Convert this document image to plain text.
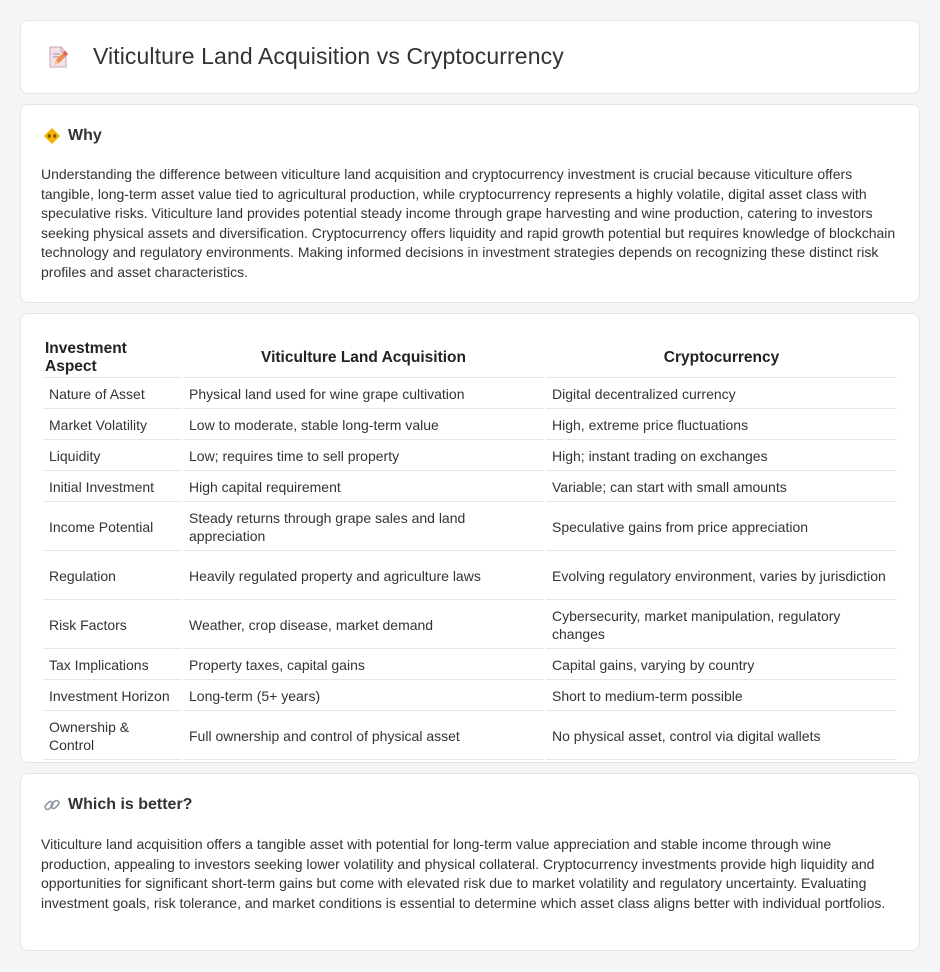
Viticulture Land Acquisition vs Cryptocurrency
Why

Understanding the difference between viticulture land acquisition and cryptocurrency investment is crucial because viticulture offers tangible, long-term asset value tied to agricultural production, while cryptocurrency represents a highly volatile, digital asset class with speculative risks. Viticulture land provides potential steady income through grape harvesting and wine production, catering to investors seeking physical assets and diversification. Cryptocurrency offers liquidity and rapid growth potential but requires knowledge of blockchain technology and regulatory environments. Making informed decisions in investment strategies depends on recognizing these distinct risk profiles and asset characteristics.

Investment Aspect	Viticulture Land Acquisition	Cryptocurrency
Nature of Asset	Physical land used for wine grape cultivation	Digital decentralized currency
Market Volatility	Low to moderate, stable long-term value	High, extreme price fluctuations
Liquidity	Low; requires time to sell property	High; instant trading on exchanges
Initial Investment	High capital requirement	Variable; can start with small amounts
Income Potential	Steady returns through grape sales and land appreciation	Speculative gains from price appreciation
Regulation	Heavily regulated property and agriculture laws	Evolving regulatory environment, varies by jurisdiction
Risk Factors	Weather, crop disease, market demand	Cybersecurity, market manipulation, regulatory changes
Tax Implications	Property taxes, capital gains	Capital gains, varying by country
Investment Horizon	Long-term (5+ years)	Short to medium-term possible
Ownership & Control	Full ownership and control of physical asset	No physical asset, control via digital wallets
Which is better?

Viticulture land acquisition offers a tangible asset with potential for long-term value appreciation and stable income through wine production, appealing to investors seeking lower volatility and physical collateral. Cryptocurrency investments provide high liquidity and opportunities for significant short-term gains but come with elevated risk due to market volatility and regulatory uncertainty. Evaluating investment goals, risk tolerance, and market conditions is essential to determine which asset class aligns better with individual portfolios.
